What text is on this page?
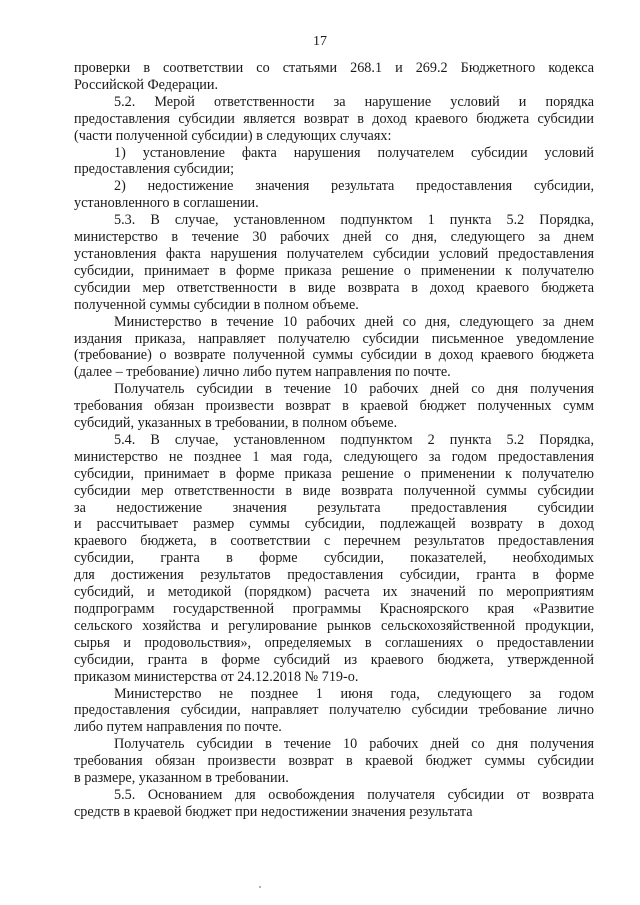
17
проверки в соответствии со статьями 268.1 и 269.2 Бюджетного кодекса
Российской Федерации.
5.2. Мерой ответственности за нарушение условий и порядка
предоставления субсидии является возврат в доход краевого бюджета субсидии
(части полученной субсидии) в следующих случаях:
1) установление факта нарушения получателем субсидии условий
предоставления субсидии;
2) недостижение значения результата предоставления субсидии,
установленного в соглашении.
5.3. В случае, установленном подпунктом 1 пункта 5.2 Порядка,
министерство в течение 30 рабочих дней со дня, следующего за днем
установления факта нарушения получателем субсидии условий предоставления
субсидии, принимает в форме приказа решение о применении к получателю
субсидии мер ответственности в виде возврата в доход краевого бюджета
полученной суммы субсидии в полном объеме.
Министерство в течение 10 рабочих дней со дня, следующего за днем
издания приказа, направляет получателю субсидии письменное уведомление
(требование) о возврате полученной суммы субсидии в доход краевого бюджета
(далее – требование) лично либо путем направления по почте.
Получатель субсидии в течение 10 рабочих дней со дня получения
требования обязан произвести возврат в краевой бюджет полученных сумм
субсидий, указанных в требовании, в полном объеме.
5.4. В случае, установленном подпунктом 2 пункта 5.2 Порядка,
министерство не позднее 1 мая года, следующего за годом предоставления
субсидии, принимает в форме приказа решение о применении к получателю
субсидии мер ответственности в виде возврата полученной суммы субсидии
за недостижение значения результата предоставления субсидии
и рассчитывает размер суммы субсидии, подлежащей возврату в доход
краевого бюджета, в соответствии с перечнем результатов предоставления
субсидии, гранта в форме субсидии, показателей, необходимых
для достижения результатов предоставления субсидии, гранта в форме
субсидий, и методикой (порядком) расчета их значений по мероприятиям
подпрограмм государственной программы Красноярского края «Развитие
сельского хозяйства и регулирование рынков сельскохозяйственной продукции,
сырья и продовольствия», определяемых в соглашениях о предоставлении
субсидии, гранта в форме субсидий из краевого бюджета, утвержденной
приказом министерства от 24.12.2018 № 719-о.
Министерство не позднее 1 июня года, следующего за годом
предоставления субсидии, направляет получателю субсидии требование лично
либо путем направления по почте.
Получатель субсидии в течение 10 рабочих дней со дня получения
требования обязан произвести возврат в краевой бюджет суммы субсидии
в размере, указанном в требовании.
5.5. Основанием для освобождения получателя субсидии от возврата
средств в краевой бюджет при недостижении значения результата
